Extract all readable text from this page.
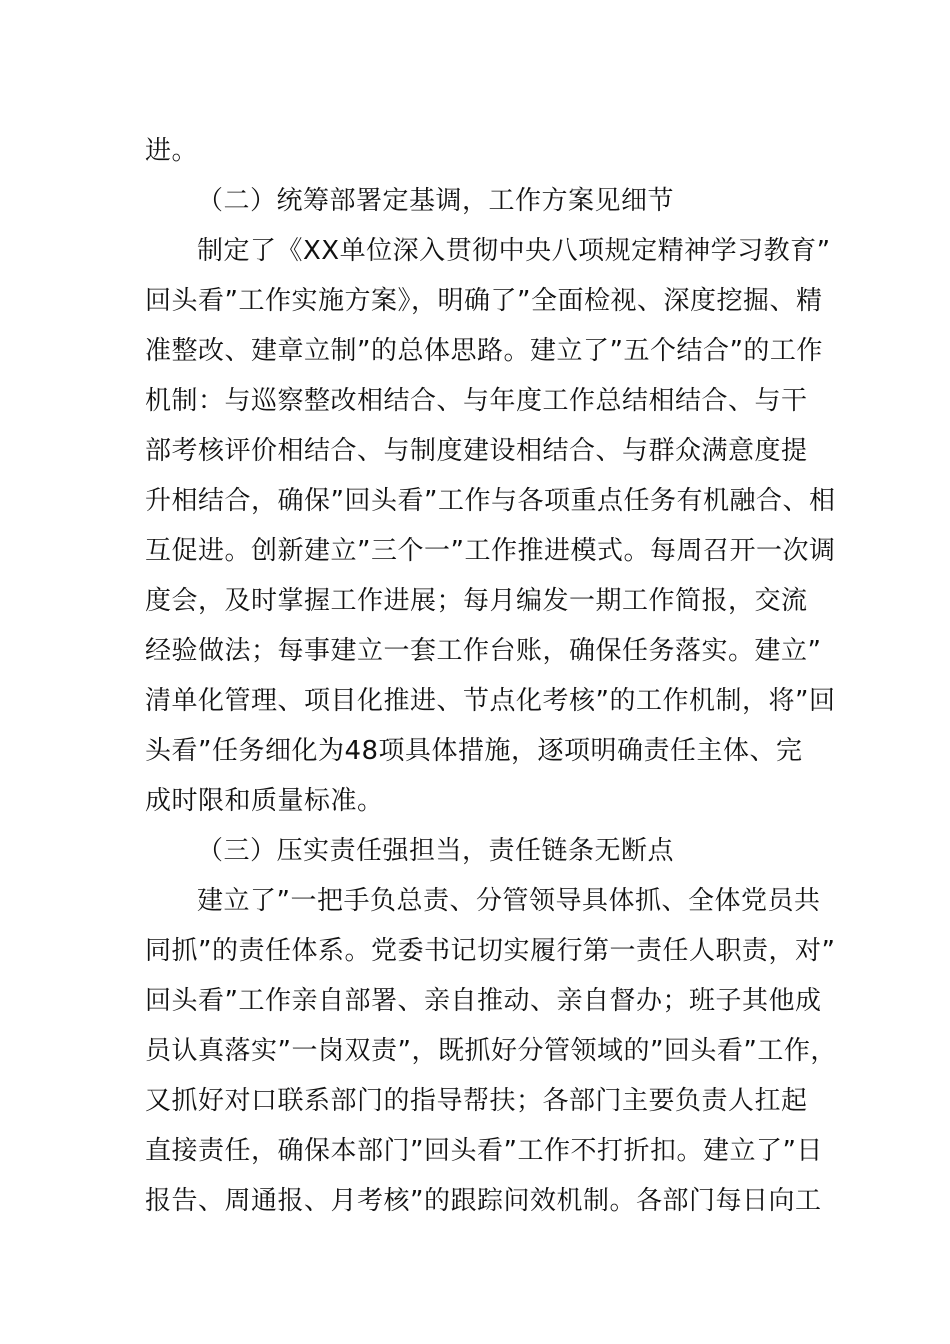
进。
（二）统筹部署定基调，工作方案见细节
制定了《XX单位深入贯彻中央八项规定精神学习教育”
回头看”工作实施方案》，明确了”全面检视、深度挖掘、精
准整改、建章立制”的总体思路。建立了”五个结合”的工作
机制：与巡察整改相结合、与年度工作总结相结合、与干
部考核评价相结合、与制度建设相结合、与群众满意度提
升相结合，确保”回头看”工作与各项重点任务有机融合、相
互促进。创新建立”三个一”工作推进模式。每周召开一次调
度会，及时掌握工作进展；每月编发一期工作简报，交流
经验做法；每事建立一套工作台账，确保任务落实。建立”
清单化管理、项目化推进、节点化考核”的工作机制，将”回
头看”任务细化为48项具体措施，逐项明确责任主体、完
成时限和质量标准。
（三）压实责任强担当，责任链条无断点
建立了”一把手负总责、分管领导具体抓、全体党员共
同抓”的责任体系。党委书记切实履行第一责任人职责，对”
回头看”工作亲自部署、亲自推动、亲自督办；班子其他成
员认真落实”一岗双责”，既抓好分管领域的”回头看”工作，
又抓好对口联系部门的指导帮扶；各部门主要负责人扛起
直接责任，确保本部门”回头看”工作不打折扣。建立了”日
报告、周通报、月考核”的跟踪问效机制。各部门每日向工
